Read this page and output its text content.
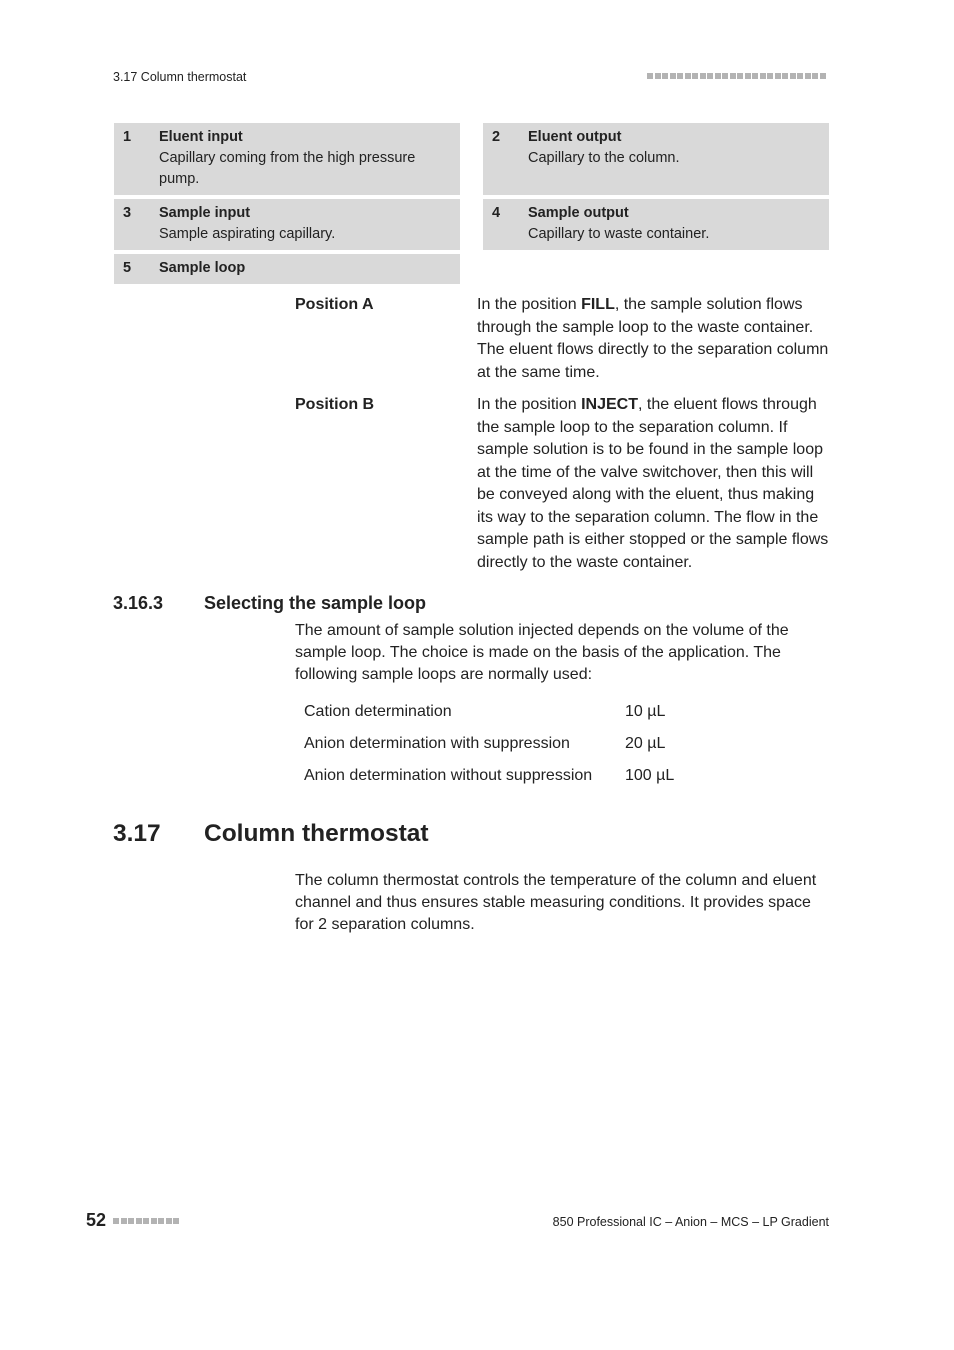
3.17 Column thermostat
1 Eluent input
Capillary coming from the high pressure pump.
2 Eluent output
Capillary to the column.
3 Sample input
Sample aspirating capillary.
4 Sample output
Capillary to waste container.
5 Sample loop
Position A	In the position FILL, the sample solution flows through the sample loop to the waste container. The eluent flows directly to the separation column at the same time.
Position B	In the position INJECT, the eluent flows through the sample loop to the separation column. If sample solution is to be found in the sample loop at the time of the valve switchover, then this will be conveyed along with the eluent, thus making its way to the separation column. The flow in the sample path is either stopped or the sample flows directly to the waste container.
3.16.3 Selecting the sample loop
The amount of sample solution injected depends on the volume of the sample loop. The choice is made on the basis of the application. The following sample loops are normally used:
Cation determination	10 µL
Anion determination with suppression	20 µL
Anion determination without suppression 100 µL
3.17 Column thermostat
The column thermostat controls the temperature of the column and eluent channel and thus ensures stable measuring conditions. It provides space for 2 separation columns.
52	850 Professional IC – Anion – MCS – LP Gradient
